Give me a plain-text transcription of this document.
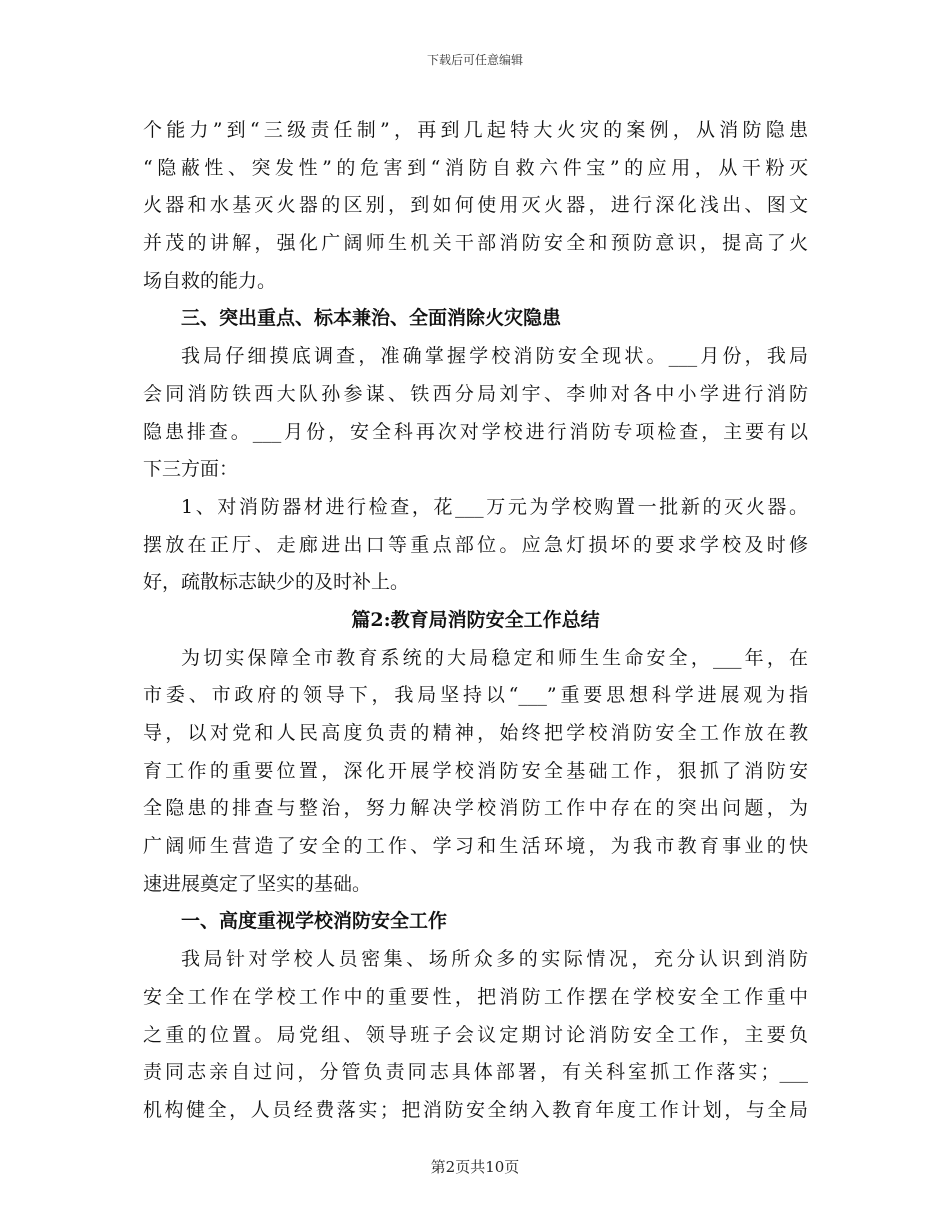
下载后可任意编辑
个能力”到“三级责任制”，再到几起特大火灾的案例，从消防隐患
“隐蔽性、突发性”的危害到“消防自救六件宝”的应用，从干粉灭
火器和水基灭火器的区别，到如何使用灭火器，进行深化浅出、图文
并茂的讲解，强化广阔师生机关干部消防安全和预防意识，提高了火
场自救的能力。
三、突出重点、标本兼治、全面消除火灾隐患
我局仔细摸底调查，准确掌握学校消防安全现状。___月份，我局
会同消防铁西大队孙参谋、铁西分局刘宇、李帅对各中小学进行消防
隐患排查。___月份，安全科再次对学校进行消防专项检查，主要有以
下三方面：
1、对消防器材进行检查，花___万元为学校购置一批新的灭火器。
摆放在正厅、走廊进出口等重点部位。应急灯损坏的要求学校及时修
好，疏散标志缺少的及时补上。
篇2:教育局消防安全工作总结
为切实保障全市教育系统的大局稳定和师生生命安全，___年，在
市委、市政府的领导下，我局坚持以“___”重要思想科学进展观为指
导，以对党和人民高度负责的精神，始终把学校消防安全工作放在教
育工作的重要位置，深化开展学校消防安全基础工作，狠抓了消防安
全隐患的排查与整治，努力解决学校消防工作中存在的突出问题，为
广阔师生营造了安全的工作、学习和生活环境，为我市教育事业的快
速进展奠定了坚实的基础。
一、高度重视学校消防安全工作
我局针对学校人员密集、场所众多的实际情况，充分认识到消防
安全工作在学校工作中的重要性，把消防工作摆在学校安全工作重中
之重的位置。局党组、领导班子会议定期讨论消防安全工作，主要负
责同志亲自过问，分管负责同志具体部署，有关科室抓工作落实；___
机构健全，人员经费落实；把消防安全纳入教育年度工作计划，与全局
第2页共10页
